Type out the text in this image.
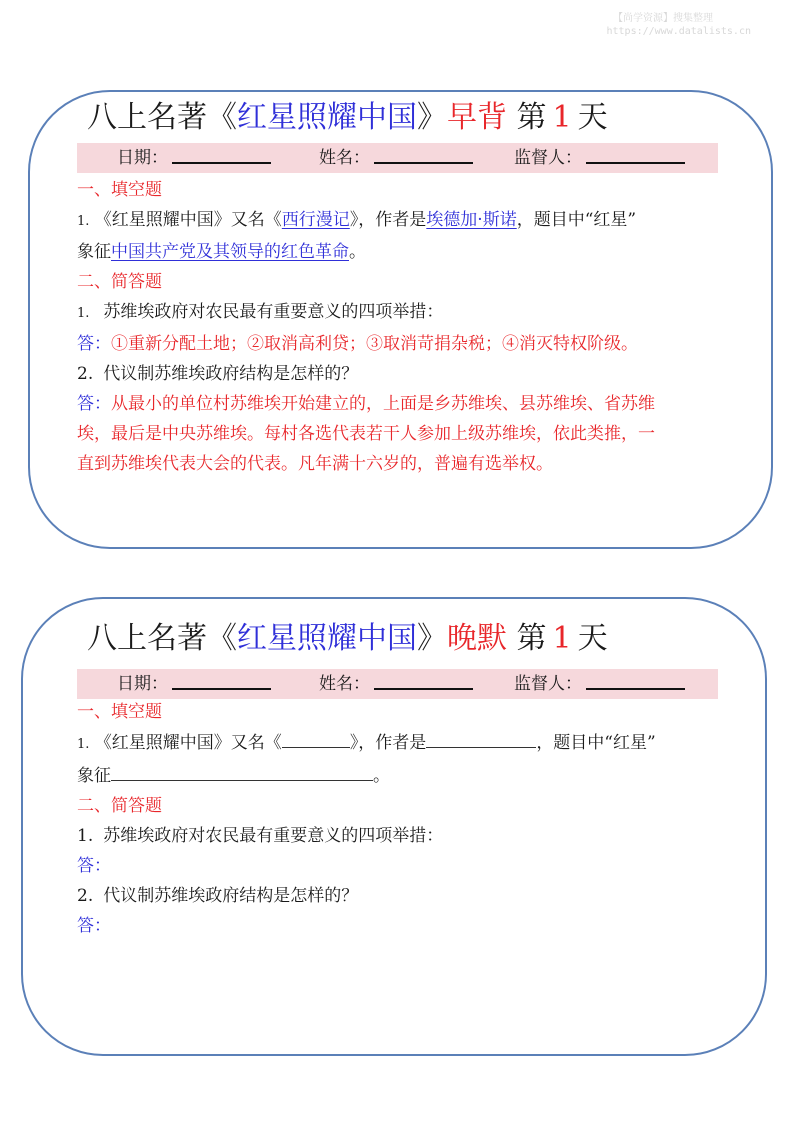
【尚学资源】搜集整理
https://www.datalists.cn
八上名著《红星照耀中国》早背 第 1 天
日期：	姓名：	监督人：
一、填空题
1. 《红星照耀中国》又名《西行漫记》，作者是埃德加·斯诺，题目中“红星”
象征中国共产党及其领导的红色革命。
二、简答题
1. 苏维埃政府对农民最有重要意义的四项举措：
答：①重新分配土地；②取消高利贷；③取消苛捐杂税；④消灭特权阶级。
2. 代议制苏维埃政府结构是怎样的？
答：从最小的单位村苏维埃开始建立的，上面是乡苏维埃、县苏维埃、省苏维
埃，最后是中央苏维埃。每村各选代表若干人参加上级苏维埃，依此类推，一
直到苏维埃代表大会的代表。凡年满十六岁的，普遍有选举权。
八上名著《红星照耀中国》晚默 第 1 天
日期：	姓名：	监督人：
一、填空题
1. 《红星照耀中国》又名《	》，作者是	，题目中“红星”
象征	。
二、简答题
1. 苏维埃政府对农民最有重要意义的四项举措：
答：
2. 代议制苏维埃政府结构是怎样的？
答：
